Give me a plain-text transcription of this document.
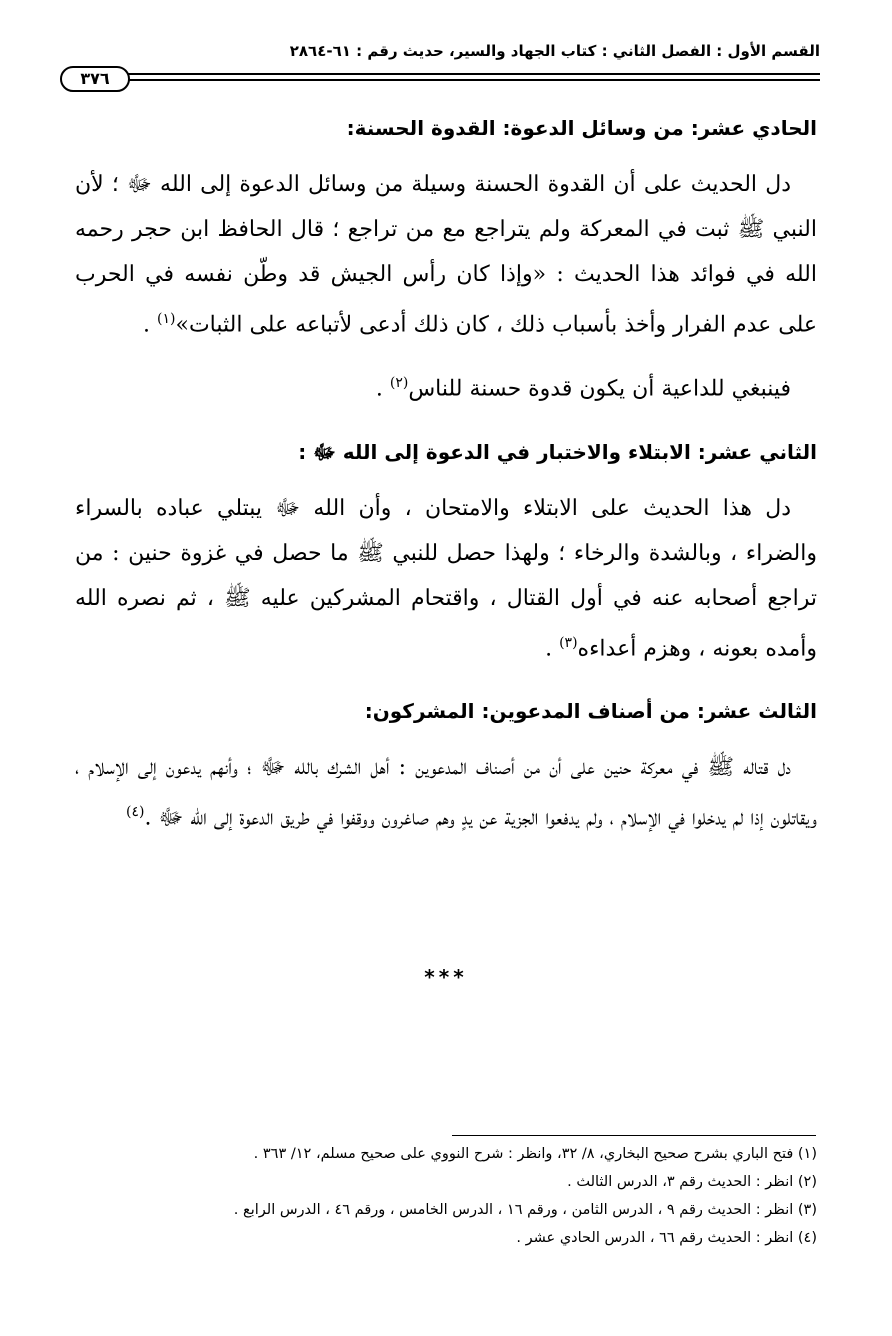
القسم الأول : الفصل الثاني : كتاب الجهاد والسير، حديث رقم : ٦١-٢٨٦٤
٣٧٦
الحادي عشر: من وسائل الدعوة: القدوة الحسنة:

دل الحديث على أن القدوة الحسنة وسيلة من وسائل الدعوة إلى الله ﷻ ؛ لأن النبي ﷺ ثبت في المعركة ولم يتراجع مع من تراجع ؛ قال الحافظ ابن حجر رحمه الله في فوائد هذا الحديث : «وإذا كان رأس الجيش قد وطّن نفسه في الحرب على عدم الفرار وأخذ بأسباب ذلك ، كان ذلك أدعى لأتباعه على الثبات»$^{(١)}$ .

فينبغي للداعية أن يكون قدوة حسنة للناس$^{(٢)}$ .

الثاني عشر: الابتلاء والاختبار في الدعوة إلى الله ﷻ :

دل هذا الحديث على الابتلاء والامتحان ، وأن الله ﷻ يبتلي عباده بالسراء والضراء ، وبالشدة والرخاء ؛ ولهذا حصل للنبي ﷺ ما حصل في غزوة حنين : من تراجع أصحابه عنه في أول القتال ، واقتحام المشركين عليه ﷺ ، ثم نصره الله وأمده بعونه ، وهزم أعداءه$^{(٣)}$ .

الثالث عشر: من أصناف المدعوين: المشركون:

دل قتاله ﷺ في معركة حنين على أن من أصناف المدعوين : أهل الشرك بالله ﷻ ؛ وأنهم يدعون إلى الإسلام ، ويقاتلون إذا لم يدخلوا في الإسلام ، ولم يدفعوا الجزية عن يدٍ وهم صاغرون ووقفوا في طريق الدعوة إلى الله ﷻ .$^{(٤)}$

***

(١) فتح الباري بشرح صحيح البخاري، ٨/ ٣٢، وانظر : شرح النووي على صحيح مسلم، ١٢/ ٣٦٣ .

(٢) انظر : الحديث رقم ٣، الدرس الثالث .

(٣) انظر : الحديث رقم ٩ ، الدرس الثامن ، ورقم ١٦ ، الدرس الخامس ، ورقم ٤٦ ، الدرس الرابع .

(٤) انظر : الحديث رقم ٦٦ ، الدرس الحادي عشر .
